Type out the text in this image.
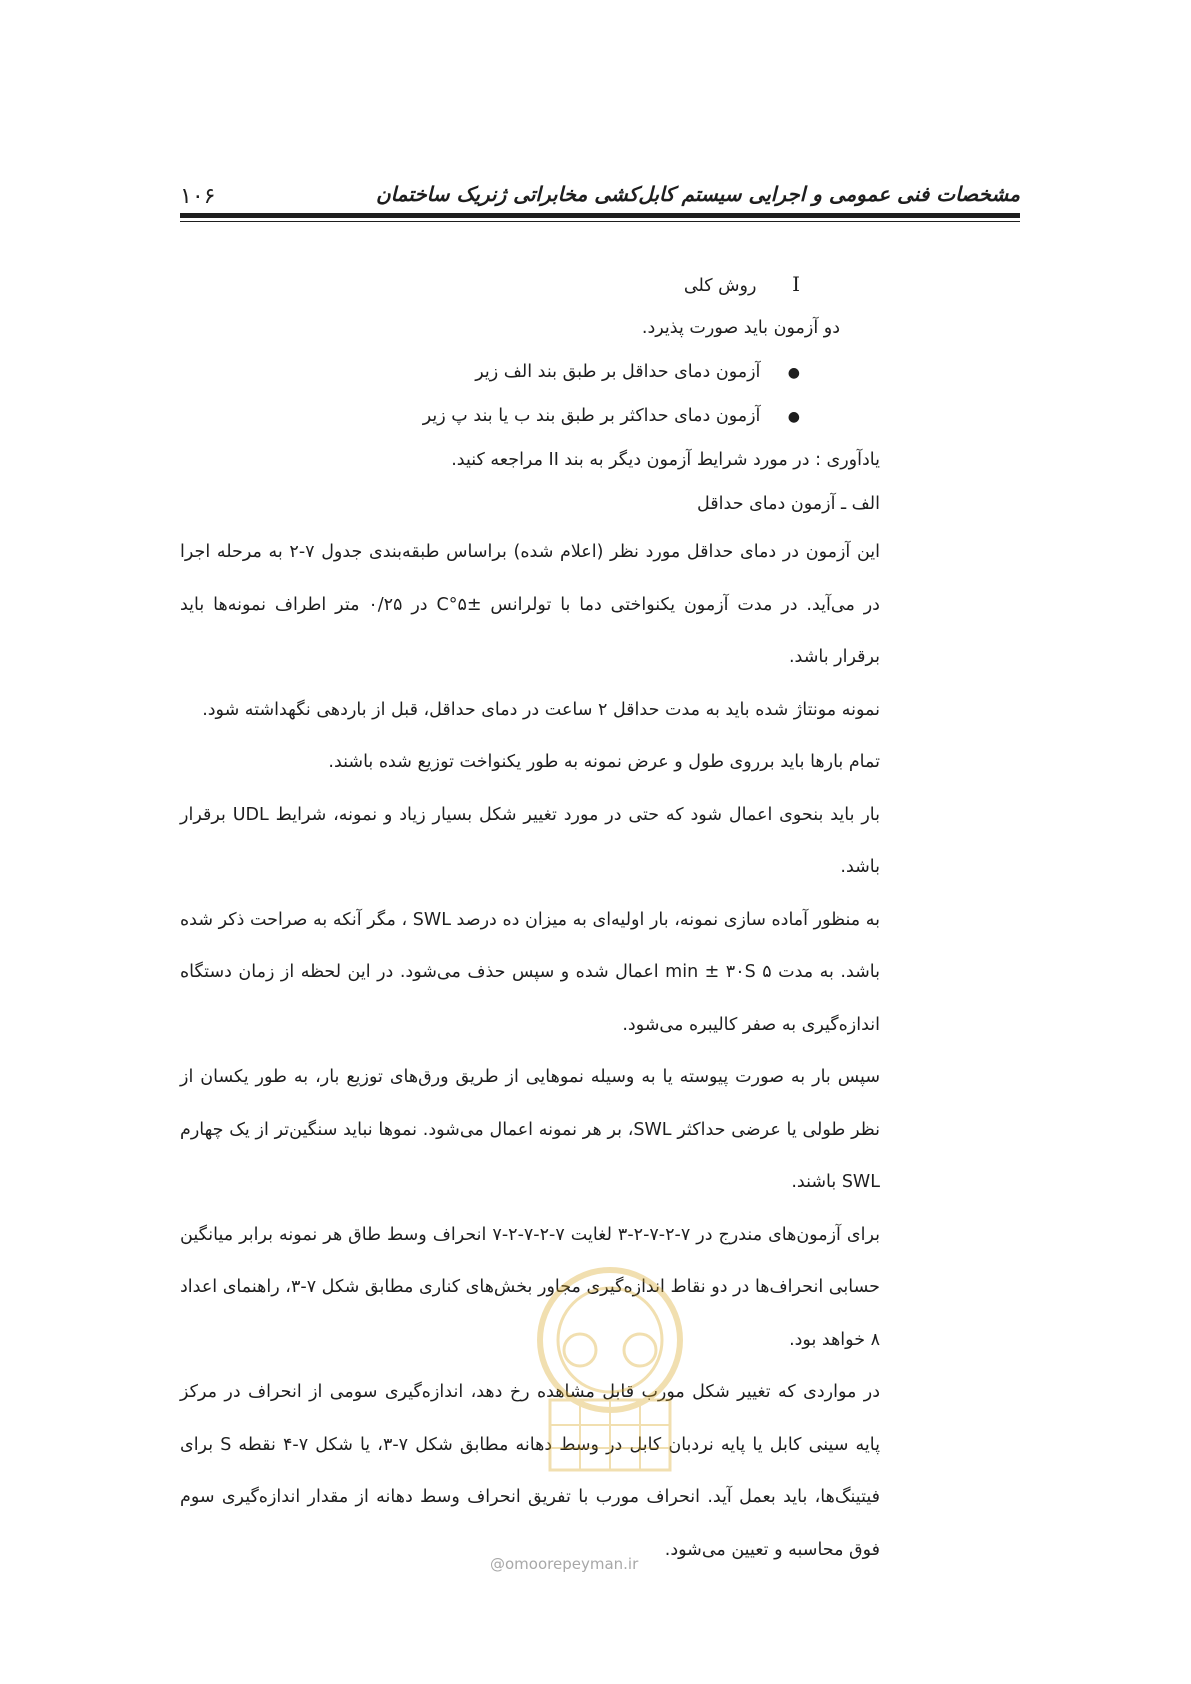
۱۰۶	مشخصات فنی عمومی و اجرایی سیستم کابل‌کشی مخابراتی ژنریک ساختمان
I روش کلی
دو آزمون باید صورت پذیرد.
● آزمون دمای حداقل بر طبق بند الف زیر
● آزمون دمای حداکثر بر طبق بند ب یا بند پ زیر
یادآوری : در مورد شرایط آزمون دیگر به بند II مراجعه کنید.
الف ـ آزمون دمای حداقل

این آزمون در دمای حداقل مورد نظر (اعلام شده) براساس طبقه‌بندی جدول ۷-۲ به مرحله اجرا در می‌آید. در مدت آزمون یکنواختی دما با تولرانس ±۵°C در ۰/۲۵ متر اطراف نمونه‌ها باید برقرار باشد.

نمونه مونتاژ شده باید به مدت حداقل ۲ ساعت در دمای حداقل، قبل از باردهی نگهداشته شود.

تمام بارها باید برروی طول و عرض نمونه به طور یکنواخت توزیع شده باشند.

بار باید بنحوی اعمال شود که حتی در مورد تغییر شکل بسیار زیاد و نمونه، شرایط UDL برقرار باشد.

به منظور آماده سازی نمونه، بار اولیه‌ای به میزان ده درصد SWL ، مگر آنکه به صراحت ذکر شده باشد. به مدت ۵ min ± ۳۰S اعمال شده و سپس حذف می‌شود. در این لحظه از زمان دستگاه اندازه‌گیری به صفر کالیبره می‌شود.

سپس بار به صورت پیوسته یا به وسیله نموهایی از طریق ورق‌های توزیع بار، به طور یکسان از نظر طولی یا عرضی حداکثر SWL، بر هر نمونه اعمال می‌شود. نموها نباید سنگین‌تر از یک چهارم SWL باشند.

برای آزمون‌های مندرج در ۷-۲-۷-۲-۳ لغایت ۷-۲-۷-۲-۷ انحراف وسط طاق هر نمونه برابر میانگین حسابی انحراف‌ها در دو نقاط اندازه‌گیری مجاور بخش‌های کناری مطابق شکل ۷-۳، راهنمای اعداد ۸ خواهد بود.

در مواردی که تغییر شکل مورب قابل مشاهده رخ دهد، اندازه‌گیری سومی از انحراف در مرکز پایه سینی کابل یا پایه نردبان کابل در وسط دهانه مطابق شکل ۷-۳، یا شکل ۷-۴ نقطه S برای فیتینگ‌ها، باید بعمل آید. انحراف مورب با تفریق انحراف وسط دهانه از مقدار اندازه‌گیری سوم فوق محاسبه و تعیین می‌شود.

@omoorepeyman.ir
